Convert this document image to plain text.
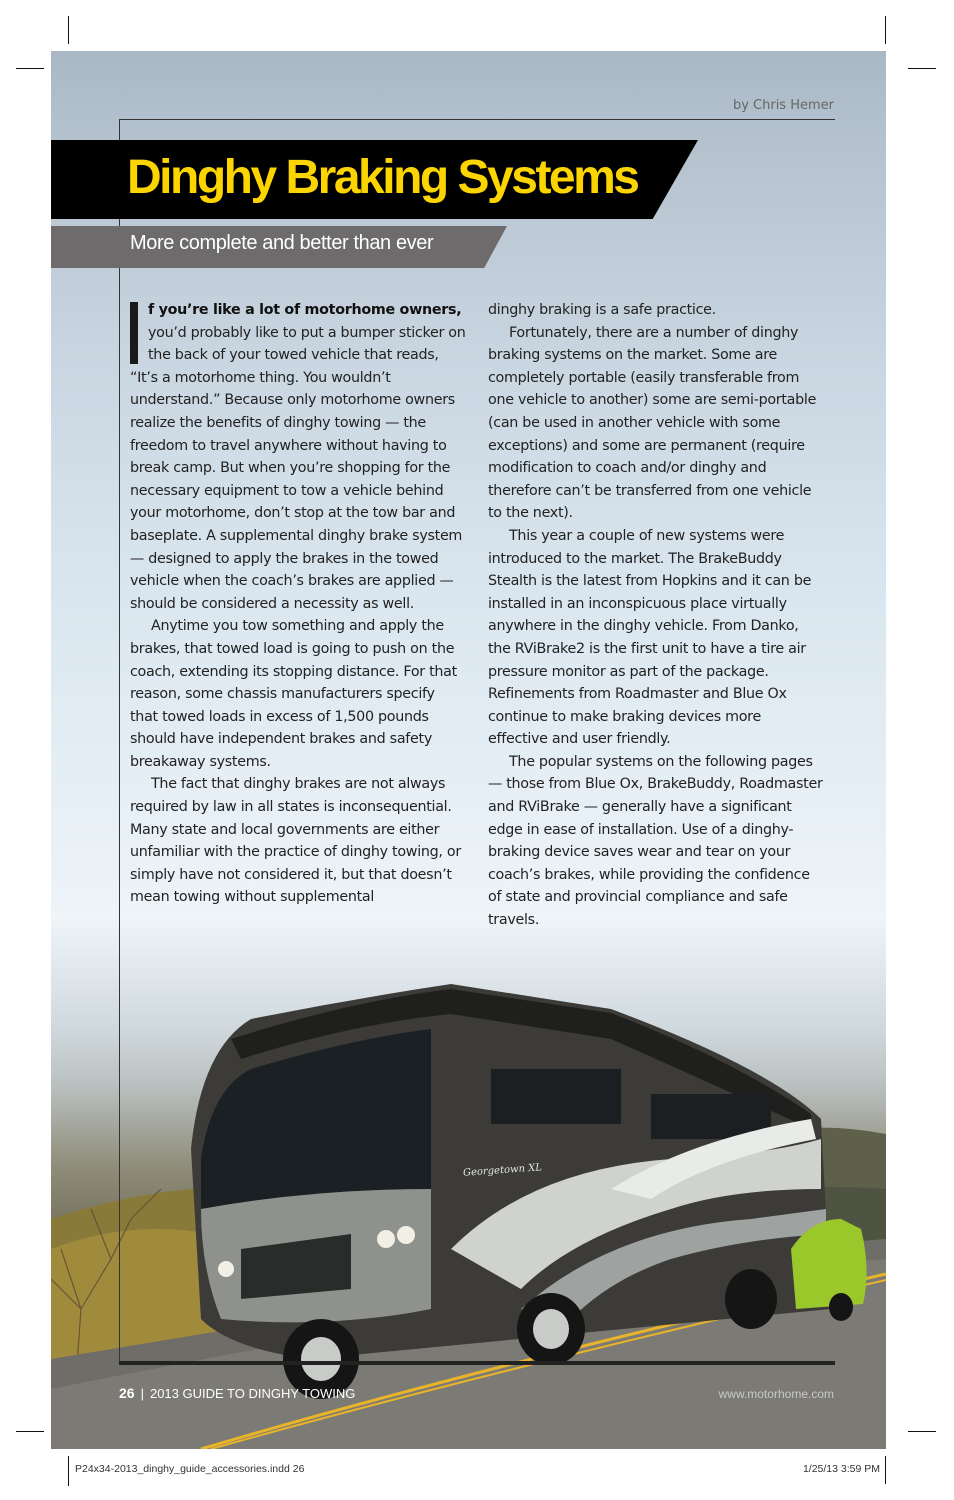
Georgetown XL
by Chris Hemer
Dinghy Braking Systems
More complete and better than ever

f you’re like a lot of motorhome owners, you’d probably like to put a bumper sticker on the back of your towed vehicle that reads, “It’s a motorhome thing. You wouldn’t understand.” Because only motorhome owners realize the benefits of dinghy towing — the freedom to travel anywhere without having to break camp. But when you’re shopping for the necessary equipment to tow a vehicle behind your motorhome, don’t stop at the tow bar and baseplate. A supplemental dinghy brake system — designed to apply the brakes in the towed vehicle when the coach’s brakes are applied — should be considered a necessity as well.

Anytime you tow something and apply the brakes, that towed load is going to push on the coach, extending its stopping distance. For that reason, some chassis manufacturers specify that towed loads in excess of 1,500 pounds should have independent brakes and safety breakaway systems.

The fact that dinghy brakes are not always required by law in all states is inconsequential. Many state and local governments are either unfamiliar with the practice of dinghy towing, or simply have not considered it, but that doesn’t mean towing without supplemental

dinghy braking is a safe practice.

Fortunately, there are a number of dinghy braking systems on the market. Some are completely portable (easily transferable from one vehicle to another) some are semi-portable (can be used in another vehicle with some exceptions) and some are permanent (require modification to coach and/or dinghy and therefore can’t be transferred from one vehicle to the next).

This year a couple of new systems were introduced to the market. The BrakeBuddy Stealth is the latest from Hopkins and it can be installed in an inconspicuous place virtually anywhere in the dinghy vehicle. From Danko, the RViBrake2 is the first unit to have a tire air pressure monitor as part of the package. Refinements from Roadmaster and Blue Ox continue to make braking devices more effective and user friendly.

The popular systems on the following pages — those from Blue Ox, BrakeBuddy, Roadmaster and RViBrake — generally have a significant edge in ease of installation. Use of a dinghy-braking device saves wear and tear on your coach’s brakes, while providing the confidence of state and provincial compliance and safe travels.

26 | 2013 GUIDE TO DINGHY TOWING	www.motorhome.com
P24x34-2013_dinghy_guide_accessories.indd 26	1/25/13 3:59 PM
